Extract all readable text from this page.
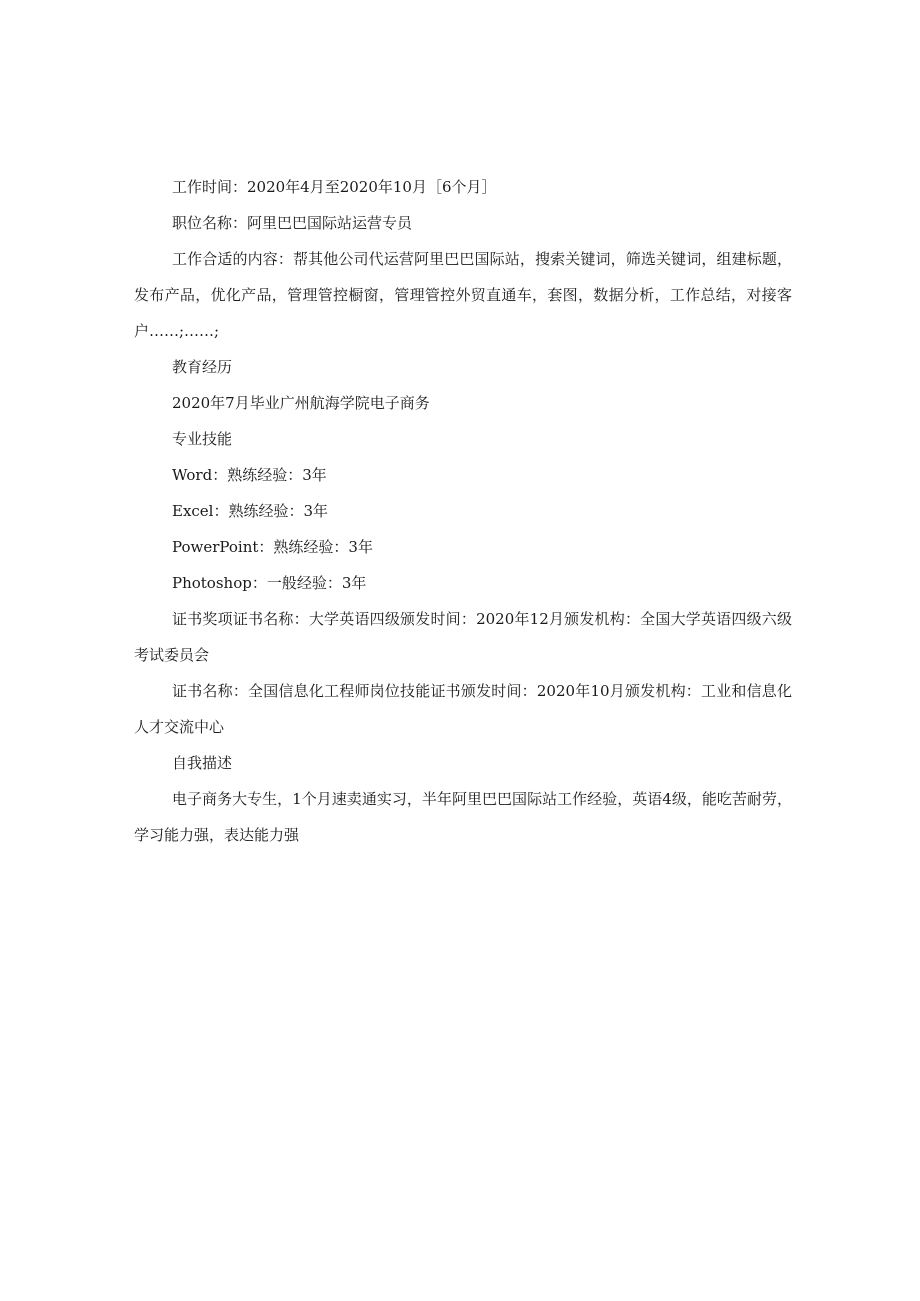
工作时间：2020年4月至2020年10月［6个月］

职位名称：阿里巴巴国际站运营专员

工作合适的内容：帮其他公司代运营阿里巴巴国际站，搜索关键词，筛选关键词，组建标题，发布产品，优化产品，管理管控橱窗，管理管控外贸直通车，套图，数据分析，工作总结，对接客户……;……;

教育经历

2020年7月毕业广州航海学院电子商务

专业技能

Word：熟练经验：3年

Excel：熟练经验：3年

PowerPoint：熟练经验：3年

Photoshop：一般经验：3年

证书奖项证书名称：大学英语四级颁发时间：2020年12月颁发机构：全国大学英语四级六级考试委员会

证书名称：全国信息化工程师岗位技能证书颁发时间：2020年10月颁发机构：工业和信息化人才交流中心

自我描述

电子商务大专生，1个月速卖通实习，半年阿里巴巴国际站工作经验，英语4级，能吃苦耐劳，学习能力强，表达能力强
